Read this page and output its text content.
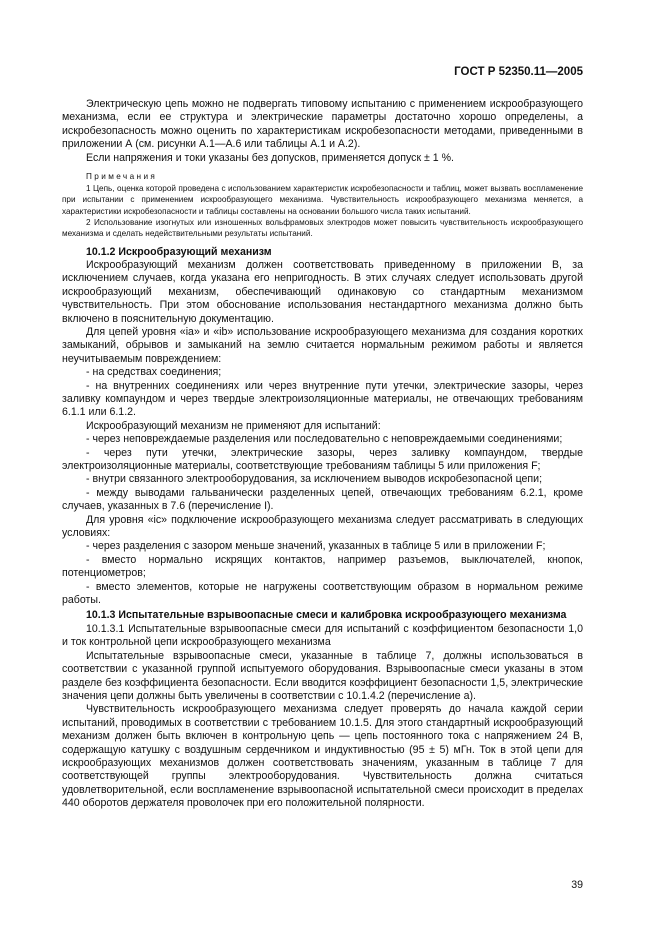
ГОСТ Р 52350.11—2005

Электрическую цепь можно не подвергать типовому испытанию с применением искрообразующего механизма, если ее структура и электрические параметры достаточно хорошо определены, а искробезопасность можно оценить по характеристикам искробезопасности методами, приведенными в приложении А (см. рисунки А.1—А.6 или таблицы А.1 и А.2).

Если напряжения и токи указаны без допусков, применяется допуск ± 1 %.

Примечания

1 Цепь, оценка которой проведена с использованием характеристик искробезопасности и таблиц, может вызвать воспламенение при испытании с применением искрообразующего механизма. Чувствительность искрообразующего механизма меняется, а характеристики искробезопасности и таблицы составлены на основании большого числа таких испытаний.

2 Использование изогнутых или изношенных вольфрамовых электродов может повысить чувствительность искрообразующего механизма и сделать недействительными результаты испытаний.

10.1.2 Искрообразующий механизм

Искрообразующий механизм должен соответствовать приведенному в приложении В, за исключением случаев, когда указана его непригодность. В этих случаях следует использовать другой искрообразующий механизм, обеспечивающий одинаковую со стандартным механизмом чувствительность. При этом обоснование использования нестандартного механизма должно быть включено в пояснительную документацию.

Для цепей уровня «ia» и «ib» использование искрообразующего механизма для создания коротких замыканий, обрывов и замыканий на землю считается нормальным режимом работы и является неучитываемым повреждением:

- на средствах соединения;

- на внутренних соединениях или через внутренние пути утечки, электрические зазоры, через заливку компаундом и через твердые электроизоляционные материалы, не отвечающих требованиям 6.1.1 или 6.1.2.

Искрообразующий механизм не применяют для испытаний:

- через неповреждаемые разделения или последовательно с неповреждаемыми соединениями;

- через пути утечки, электрические зазоры, через заливку компаундом, твердые электроизоляционные материалы, соответствующие требованиям таблицы 5 или приложения F;

- внутри связанного электрооборудования, за исключением выводов искробезопасной цепи;

- между выводами гальванически разделенных цепей, отвечающих требованиям 6.2.1, кроме случаев, указанных в 7.6 (перечисление I).

Для уровня «ic» подключение искрообразующего механизма следует рассматривать в следующих условиях:

- через разделения с зазором меньше значений, указанных в таблице 5 или в приложении F;

- вместо нормально искрящих контактов, например разъемов, выключателей, кнопок, потенциометров;

- вместо элементов, которые не нагружены соответствующим образом в нормальном режиме работы.

10.1.3 Испытательные взрывоопасные смеси и калибровка искрообразующего механизма

10.1.3.1 Испытательные взрывоопасные смеси для испытаний с коэффициентом безопасности 1,0 и ток контрольной цепи искрообразующего механизма

Испытательные взрывоопасные смеси, указанные в таблице 7, должны использоваться в соответствии с указанной группой испытуемого оборудования. Взрывоопасные смеси указаны в этом разделе без коэффициента безопасности. Если вводится коэффициент безопасности 1,5, электрические значения цепи должны быть увеличены в соответствии с 10.1.4.2 (перечисление а).

Чувствительность искрообразующего механизма следует проверять до начала каждой серии испытаний, проводимых в соответствии с требованием 10.1.5. Для этого стандартный искрообразующий механизм должен быть включен в контрольную цепь — цепь постоянного тока с напряжением 24 В, содержащую катушку с воздушным сердечником и индуктивностью (95 ± 5) мГн. Ток в этой цепи для искрообразующих механизмов должен соответствовать значениям, указанным в таблице 7 для соответствующей группы электрооборудования. Чувствительность должна считаться удовлетворительной, если воспламенение взрывоопасной испытательной смеси происходит в пределах 440 оборотов держателя проволочек при его положительной полярности.

39
